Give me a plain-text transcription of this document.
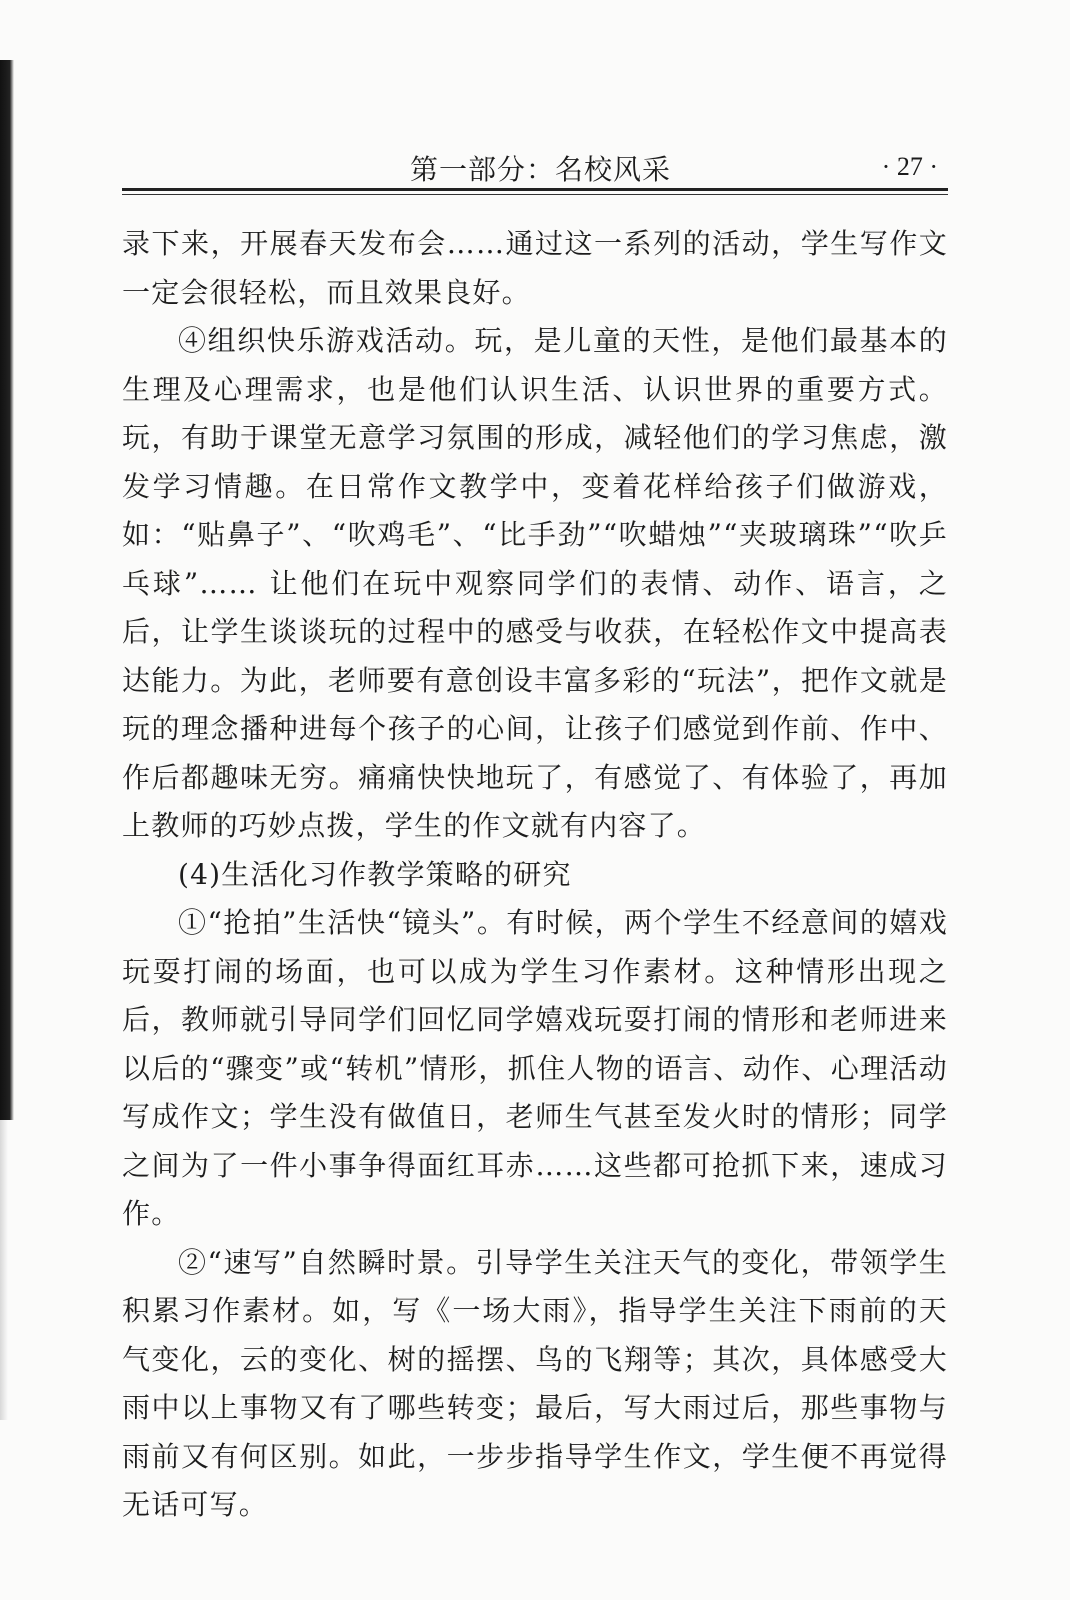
第一部分：名校风采	· 27 ·

录下来，开展春天发布会……通过这一系列的活动，学生写作文一定会很轻松，而且效果良好。

④组织快乐游戏活动。玩，是儿童的天性，是他们最基本的生理及心理需求，也是他们认识生活、认识世界的重要方式。玩，有助于课堂无意学习氛围的形成，减轻他们的学习焦虑，激发学习情趣。在日常作文教学中，变着花样给孩子们做游戏，如：“贴鼻子”、“吹鸡毛”、“比手劲”“吹蜡烛”“夹玻璃珠”“吹乒乓球”…… 让他们在玩中观察同学们的表情、动作、语言，之后，让学生谈谈玩的过程中的感受与收获，在轻松作文中提高表达能力。为此，老师要有意创设丰富多彩的“玩法”，把作文就是玩的理念播种进每个孩子的心间，让孩子们感觉到作前、作中、作后都趣味无穷。痛痛快快地玩了，有感觉了、有体验了，再加上教师的巧妙点拨，学生的作文就有内容了。

(4)生活化习作教学策略的研究

①“抢拍”生活快“镜头”。有时候，两个学生不经意间的嬉戏玩耍打闹的场面，也可以成为学生习作素材。这种情形出现之后，教师就引导同学们回忆同学嬉戏玩耍打闹的情形和老师进来以后的“骤变”或“转机”情形，抓住人物的语言、动作、心理活动写成作文；学生没有做值日，老师生气甚至发火时的情形；同学之间为了一件小事争得面红耳赤……这些都可抢抓下来，速成习作。

②“速写”自然瞬时景。引导学生关注天气的变化，带领学生积累习作素材。如，写《一场大雨》，指导学生关注下雨前的天气变化，云的变化、树的摇摆、鸟的飞翔等；其次，具体感受大雨中以上事物又有了哪些转变；最后，写大雨过后，那些事物与雨前又有何区别。如此，一步步指导学生作文，学生便不再觉得无话可写。
